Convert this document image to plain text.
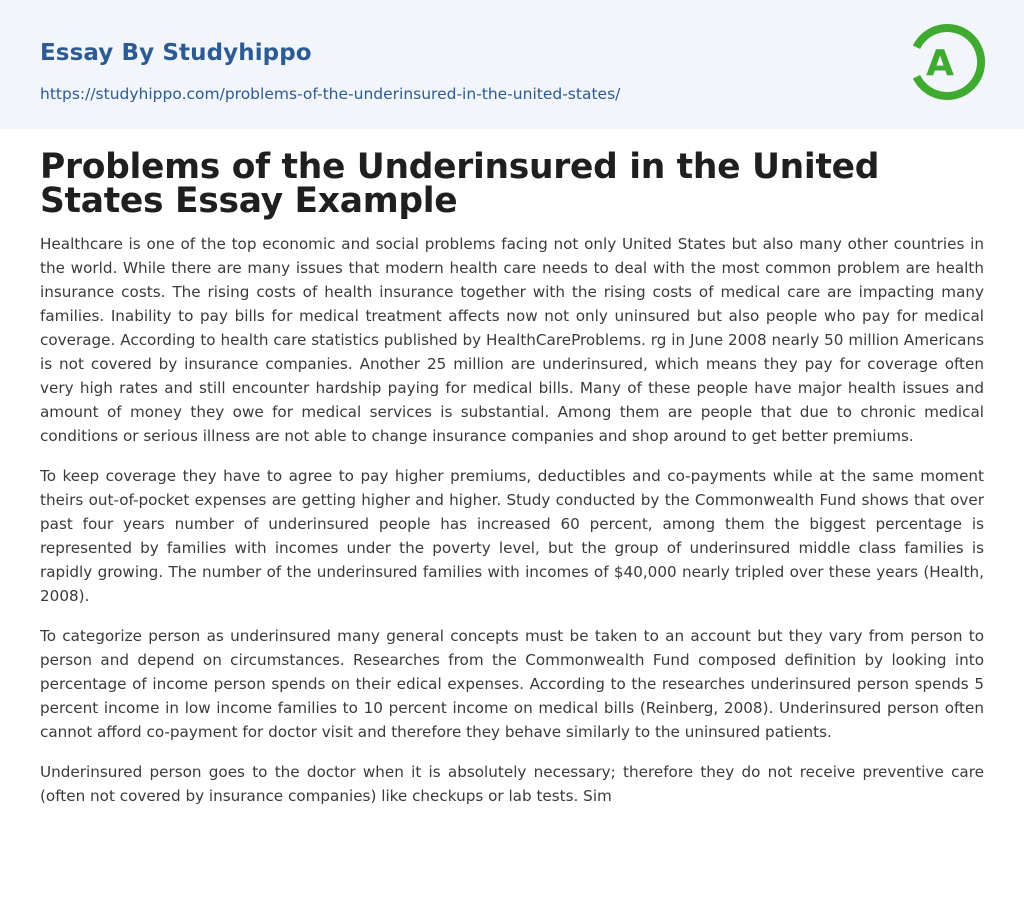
Essay By Studyhippo
https://studyhippo.com/problems-of-the-underinsured-in-the-united-states/
A
Problems of the Underinsured in the United States Essay Example

Healthcare is one of the top economic and social problems facing not only United States but also many other countries in the world. While there are many issues that modern health care needs to deal with the most common problem are health insurance costs. The rising costs of health insurance together with the rising costs of medical care are impacting many families. Inability to pay bills for medical treatment affects now not only uninsured but also people who pay for medical coverage. According to health care statistics published by HealthCareProblems. rg in June 2008 nearly 50 million Americans is not covered by insurance companies. Another 25 million are underinsured, which means they pay for coverage often very high rates and still encounter hardship paying for medical bills. Many of these people have major health issues and amount of money they owe for medical services is substantial. Among them are people that due to chronic medical conditions or serious illness are not able to change insurance companies and shop around to get better premiums.

To keep coverage they have to agree to pay higher premiums, deductibles and co-payments while at the same moment theirs out-of-pocket expenses are getting higher and higher. Study conducted by the Commonwealth Fund shows that over past four years number of underinsured people has increased 60 percent, among them the biggest percentage is represented by families with incomes under the poverty level, but the group of underinsured middle class families is rapidly growing. The number of the underinsured families with incomes of $40,000 nearly tripled over these years (Health, 2008).

To categorize person as underinsured many general concepts must be taken to an account but they vary from person to person and depend on circumstances. Researches from the Commonwealth Fund composed definition by looking into percentage of income person spends on their edical expenses. According to the researches underinsured person spends 5 percent income in low income families to 10 percent income on medical bills (Reinberg, 2008). Underinsured person often cannot afford co-payment for doctor visit and therefore they behave similarly to the uninsured patients.

Underinsured person goes to the doctor when it is absolutely necessary; therefore they do not receive preventive care (often not covered by insurance companies) like checkups or lab tests. Sim
